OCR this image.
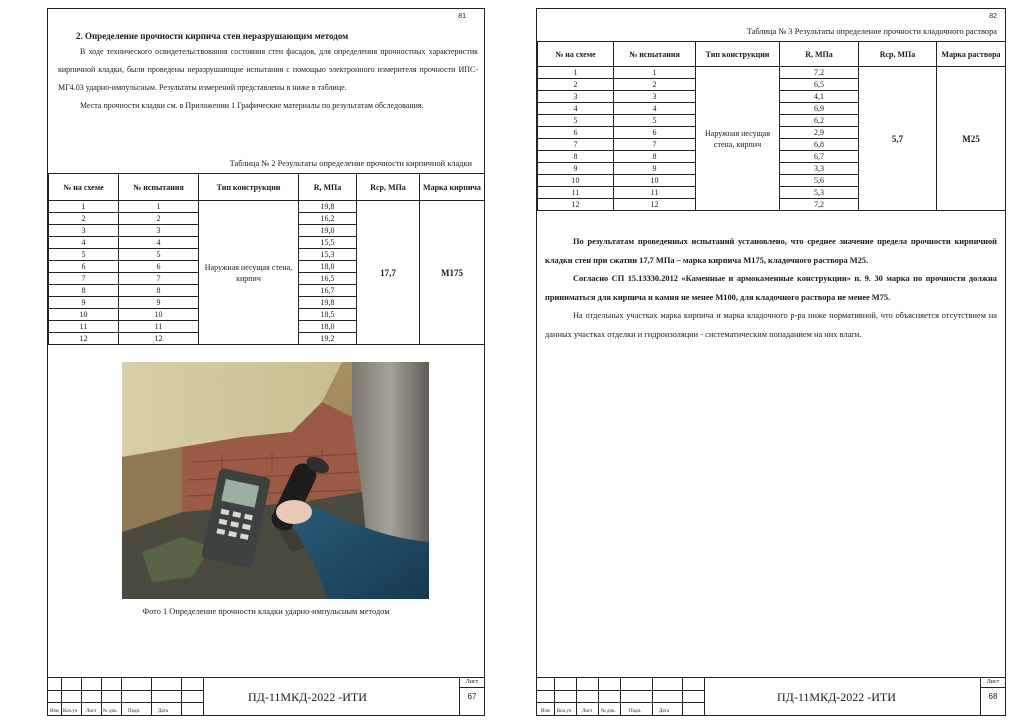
81
2. Определение прочности кирпича стен неразрушающим методом

В ходе технического освидетельствования состояния стен фасадов, для определения прочностных характеристик кирпичной кладки, были проведены неразрушающие испытания с помощью электронного измерителя прочности ИПС-МГ4.03 ударно-импульсным. Результаты измерений представлены в ниже в таблице.

Места прочности кладки см. в Приложении 1 Графические материалы по результатам обследования.

Таблица № 2 Результаты определение прочности кирпичной кладки
№ на схеме	№ испытания	Тип конструкции	R, МПа	Rср, МПа	Марка кирпича
1	1	Наружная несущая стена, кирпич	19,8	17,7	М175
2	2		16,2		
3	3		19,0		
4	4		15,5		
5	5		15,3		
6	6		18,0		
7	7		16,5		
8	8		16,7		
9	9		19,8		
10	10		18,5		
11	11		18,0		
12	12		19,2		
Фото 1 Определение прочности кладки ударно-импульсным методом
Изм Кол.уч Лист № док. Подп.	Дата
ПД-11МКД-2022 -ИТИ
Лист
67
82
Таблица № 3 Результаты определение прочности кладочного раствора
№ на схеме	№ испытания	Тип конструкции	R, МПа	Rср, МПа	Марка раствора
1	1	Наружная несущая стена, кирпич	7,2	5,7	М25
2	2		6,5		
3	3		4,1		
4	4		6,9		
5	5		6,2		
6	6		2,9		
7	7		6,8		
8	8		6,7		
9	9		3,3		
10	10		5,6		
11	11		5,3		
12	12		7,2		

По результатам проведенных испытаний установлено, что среднее значение предела прочности кирпичной кладки стен при сжатии 17,7 МПа – марка кирпича М175, кладочного раствора М25.

Согласно СП 15.13330.2012 «Каменные и армокаменные конструкции» п. 9. 30 марка по прочности должна приниматься для кирпича и камня не менее М100, для кладочного раствора не менее М75.

На отдельных участках марка кирпича и марка кладочного р-ра ниже нормативной, что объясняется отсутствием на данных участках отделки и гидроизоляции - систематическим попаданием на них влаги.

Изм Кол.уч Лист № док.	Подп.	Дата
ПД-11МКД-2022 -ИТИ
Лист
68
